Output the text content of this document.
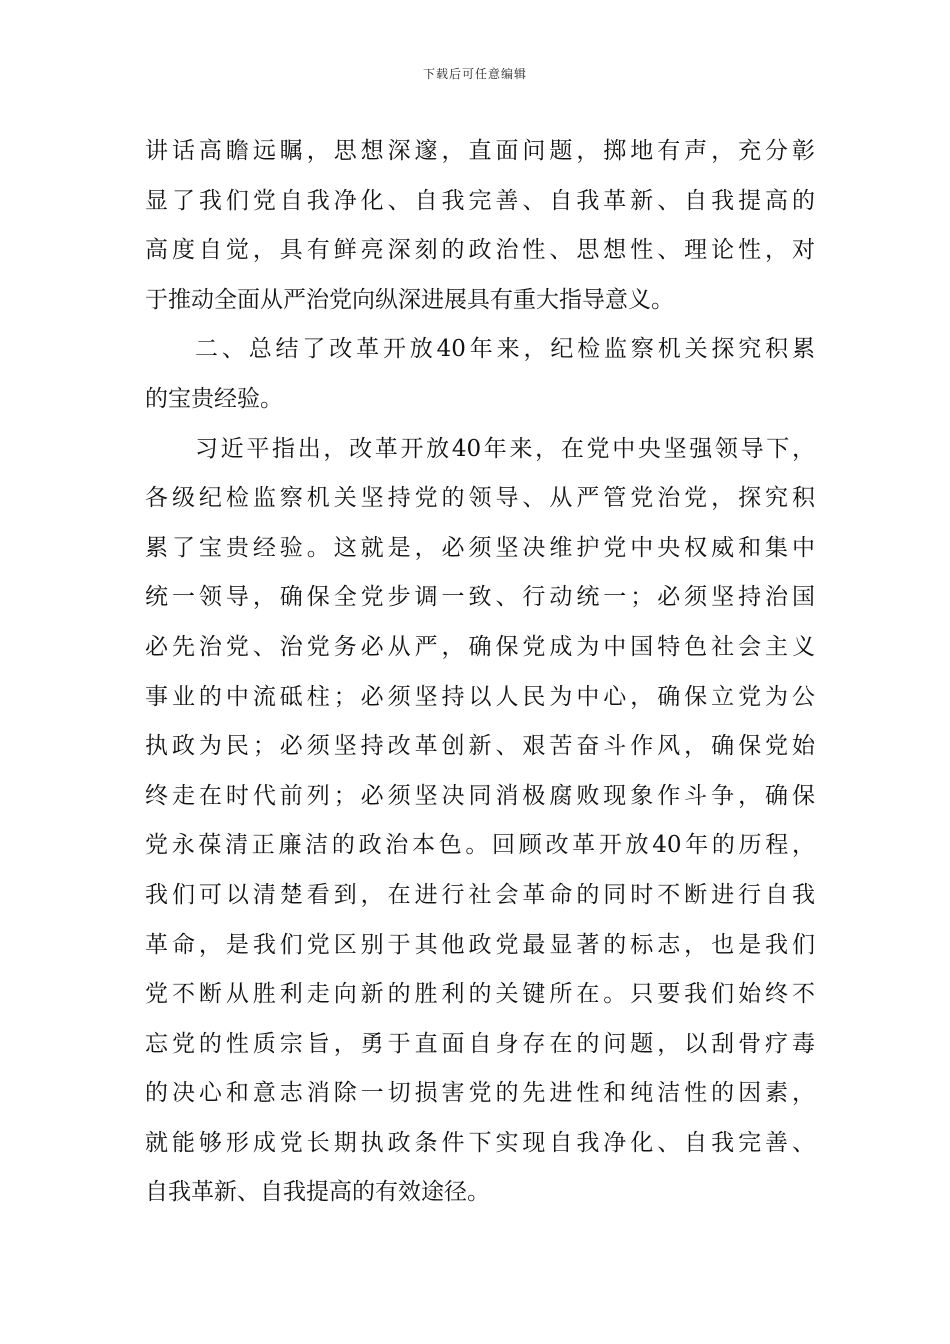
下载后可任意编辑

讲话高瞻远瞩，思想深邃，直面问题，掷地有声，充分彰

显了我们党自我净化、自我完善、自我革新、自我提高的

高度自觉，具有鲜亮深刻的政治性、思想性、理论性，对

于推动全面从严治党向纵深进展具有重大指导意义。

二、总结了改革开放40年来，纪检监察机关探究积累

的宝贵经验。

习近平指出，改革开放40年来，在党中央坚强领导下，

各级纪检监察机关坚持党的领导、从严管党治党，探究积

累了宝贵经验。这就是，必须坚决维护党中央权威和集中

统一领导，确保全党步调一致、行动统一；必须坚持治国

必先治党、治党务必从严，确保党成为中国特色社会主义

事业的中流砥柱；必须坚持以人民为中心，确保立党为公

执政为民；必须坚持改革创新、艰苦奋斗作风，确保党始

终走在时代前列；必须坚决同消极腐败现象作斗争，确保

党永葆清正廉洁的政治本色。回顾改革开放40年的历程，

我们可以清楚看到，在进行社会革命的同时不断进行自我

革命，是我们党区别于其他政党最显著的标志，也是我们

党不断从胜利走向新的胜利的关键所在。只要我们始终不

忘党的性质宗旨，勇于直面自身存在的问题，以刮骨疗毒

的决心和意志消除一切损害党的先进性和纯洁性的因素，

就能够形成党长期执政条件下实现自我净化、自我完善、

自我革新、自我提高的有效途径。
